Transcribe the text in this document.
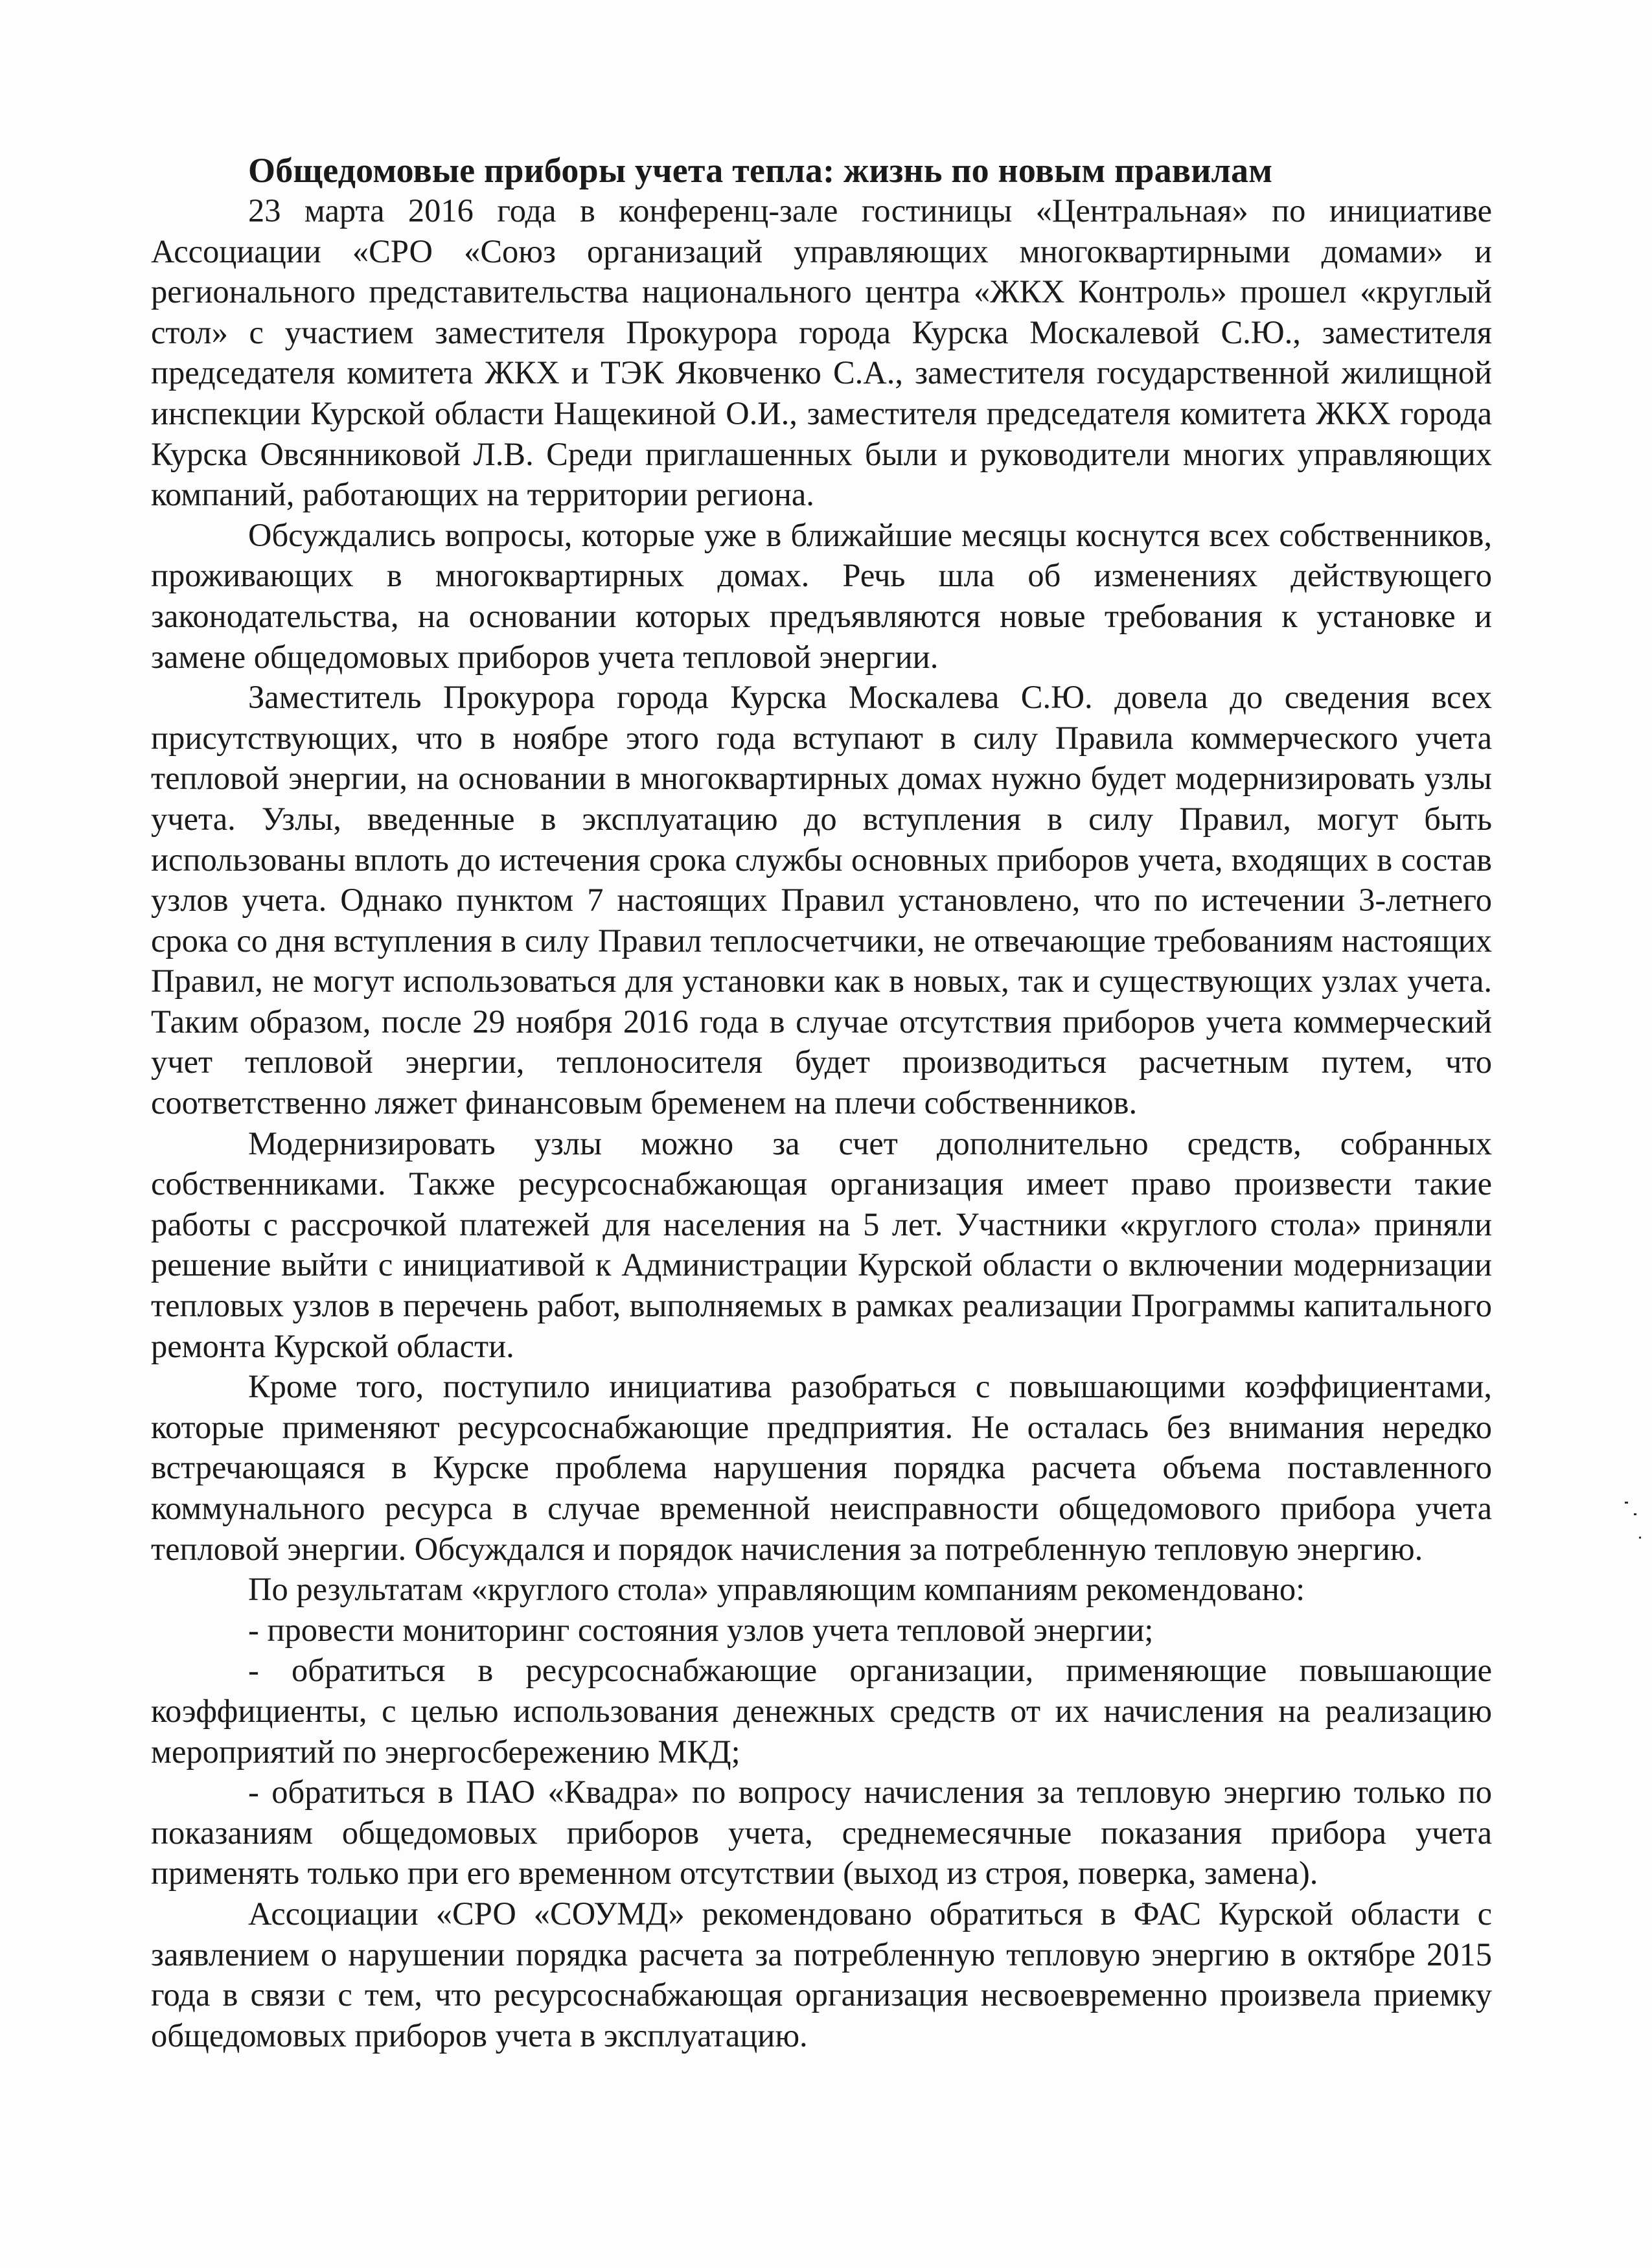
Общедомовые приборы учета тепла: жизнь по новым правилам

23 марта 2016 года в конференц-зале гостиницы «Центральная» по инициативе Ассоциации «СРО «Союз организаций управляющих многоквартирными домами» и регионального представительства национального центра «ЖКХ Контроль» прошел «круглый стол» с участием заместителя Прокурора города Курска Москалевой С.Ю., заместителя председателя комитета ЖКХ и ТЭК Яковченко С.А., заместителя государственной жилищной инспекции Курской области Нащекиной О.И., заместителя председателя комитета ЖКХ города Курска Овсянниковой Л.В. Среди приглашенных были и руководители многих управляющих компаний, работающих на территории региона.

Обсуждались вопросы, которые уже в ближайшие месяцы коснутся всех собственников, проживающих в многоквартирных домах. Речь шла об изменениях действующего законодательства, на основании которых предъявляются новые требования к установке и замене общедомовых приборов учета тепловой энергии.

Заместитель Прокурора города Курска Москалева С.Ю. довела до сведения всех присутствующих, что в ноябре этого года вступают в силу Правила коммерческого учета тепловой энергии, на основании в многоквартирных домах нужно будет модернизировать узлы учета. Узлы, введенные в эксплуатацию до вступления в силу Правил, могут быть использованы вплоть до истечения срока службы основных приборов учета, входящих в состав узлов учета. Однако пунктом 7 настоящих Правил установлено, что по истечении 3-летнего срока со дня вступления в силу Правил теплосчетчики, не отвечающие требованиям настоящих Правил, не могут использоваться для установки как в новых, так и существующих узлах учета. Таким образом, после 29 ноября 2016 года в случае отсутствия приборов учета коммерческий учет тепловой энергии, теплоносителя будет производиться расчетным путем, что соответственно ляжет финансовым бременем на плечи собственников.

Модернизировать узлы можно за счет дополнительно средств, собранных собственниками. Также ресурсоснабжающая организация имеет право произвести такие работы с рассрочкой платежей для населения на 5 лет. Участники «круглого стола» приняли решение выйти с инициативой к Администрации Курской области о включении модернизации тепловых узлов в перечень работ, выполняемых в рамках реализации Программы капитального ремонта Курской области.

Кроме того, поступило инициатива разобраться с повышающими коэффициентами, которые применяют ресурсоснабжающие предприятия. Не осталась без внимания нередко встречающаяся в Курске проблема нарушения порядка расчета объема поставленного коммунального ресурса в случае временной неисправности общедомового прибора учета тепловой энергии. Обсуждался и порядок начисления за потребленную тепловую энергию.

По результатам «круглого стола» управляющим компаниям рекомендовано:

- провести мониторинг состояния узлов учета тепловой энергии;

- обратиться в ресурсоснабжающие организации, применяющие повышающие коэффициенты, с целью использования денежных средств от их начисления на реализацию мероприятий по энергосбережению МКД;

- обратиться в ПАО «Квадра» по вопросу начисления за тепловую энергию только по показаниям общедомовых приборов учета, среднемесячные показания прибора учета применять только при его временном отсутствии (выход из строя, поверка, замена).

Ассоциации «СРО «СОУМД» рекомендовано обратиться в ФАС Курской области с заявлением о нарушении порядка расчета за потребленную тепловую энергию в октябре 2015 года в связи с тем, что ресурсоснабжающая организация несвоевременно произвела приемку общедомовых приборов учета в эксплуатацию.
